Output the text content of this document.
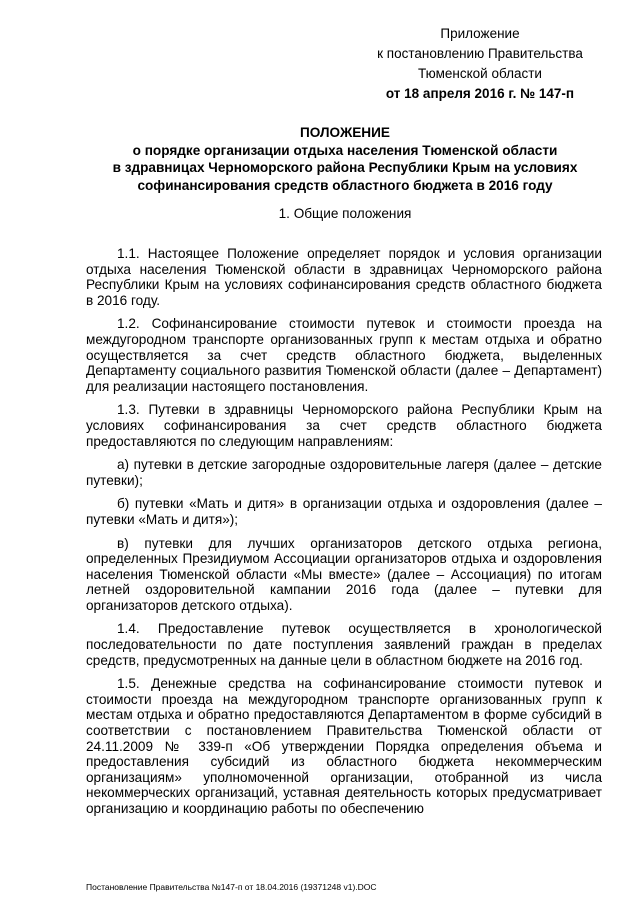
Приложение
к постановлению Правительства
Тюменской области
от 18 апреля 2016 г. № 147-п
ПОЛОЖЕНИЕ
о порядке организации отдыха населения Тюменской области
в здравницах Черноморского района Республики Крым на условиях
софинансирования средств областного бюджета в 2016 году
1. Общие положения

1.1. Настоящее Положение определяет порядок и условия организации отдыха населения Тюменской области в здравницах Черноморского района Республики Крым на условиях софинансирования средств областного бюджета в 2016 году.

1.2. Софинансирование стоимости путевок и стоимости проезда на междугородном транспорте организованных групп к местам отдыха и обратно осуществляется за счет средств областного бюджета, выделенных Департаменту социального развития Тюменской области (далее – Департамент) для реализации настоящего постановления.

1.3. Путевки в здравницы Черноморского района Республики Крым на условиях софинансирования за счет средств областного бюджета предоставляются по следующим направлениям:

а) путевки в детские загородные оздоровительные лагеря (далее – детские путевки);

б) путевки «Мать и дитя» в организации отдыха и оздоровления (далее – путевки «Мать и дитя»);

в) путевки для лучших организаторов детского отдыха региона, определенных Президиумом Ассоциации организаторов отдыха и оздоровления населения Тюменской области «Мы вместе» (далее – Ассоциация) по итогам летней оздоровительной кампании 2016 года (далее – путевки для организаторов детского отдыха).

1.4. Предоставление путевок осуществляется в хронологической последовательности по дате поступления заявлений граждан в пределах средств, предусмотренных на данные цели в областном бюджете на 2016 год.

1.5. Денежные средства на софинансирование стоимости путевок и стоимости проезда на междугородном транспорте организованных групп к местам отдыха и обратно предоставляются Департаментом в форме субсидий в соответствии с постановлением Правительства Тюменской области от 24.11.2009 № 339-п «Об утверждении Порядка определения объема и предоставления субсидий из областного бюджета некоммерческим организациям» уполномоченной организации, отобранной из числа некоммерческих организаций, уставная деятельность которых предусматривает организацию и координацию работы по обеспечению

Постановление Правительства №147-п от 18.04.2016 (19371248 v1).DOC
